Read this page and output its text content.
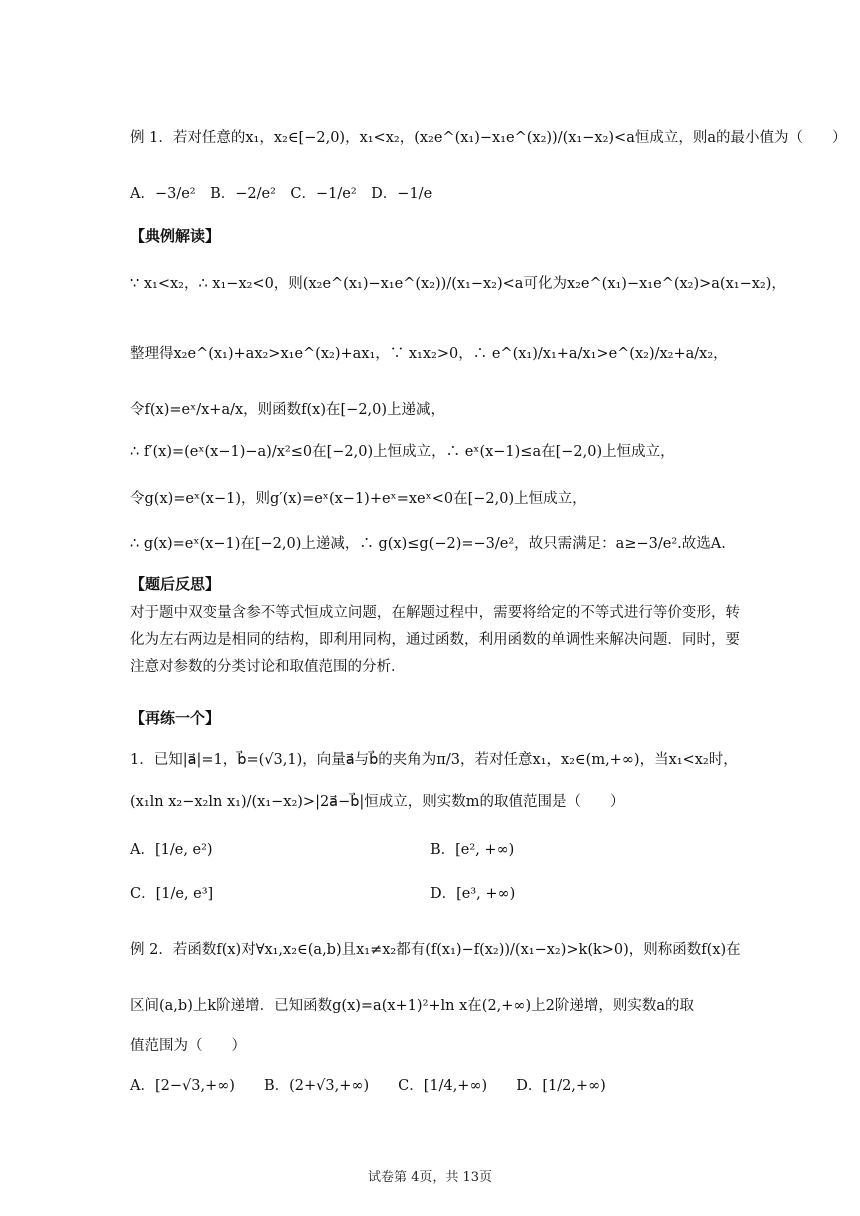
例 1．若对任意的x₁，x₂∈[−2,0)，x₁<x₂，(x₂e^(x₁)−x₁e^(x₂))/(x₁−x₂)<a恒成立，则a的最小值为（　　）
A．−3/e²　B．−2/e²　C．−1/e²　D．−1/e
【典例解读】
∵ x₁<x₂，∴ x₁−x₂<0，则(x₂e^(x₁)−x₁e^(x₂))/(x₁−x₂)<a可化为x₂e^(x₁)−x₁e^(x₂)>a(x₁−x₂)，
整理得x₂e^(x₁)+ax₂>x₁e^(x₂)+ax₁，∵ x₁x₂>0，∴ e^(x₁)/x₁+a/x₁>e^(x₂)/x₂+a/x₂，
令f(x)=eˣ/x+a/x，则函数f(x)在[−2,0)上递减，
∴ f′(x)=(eˣ(x−1)−a)/x²≤0在[−2,0)上恒成立，∴ eˣ(x−1)≤a在[−2,0)上恒成立，
令g(x)=eˣ(x−1)，则g′(x)=eˣ(x−1)+eˣ=xeˣ<0在[−2,0)上恒成立，
∴ g(x)=eˣ(x−1)在[−2,0)上递减，∴ g(x)≤g(−2)=−3/e²，故只需满足：a≥−3/e².故选A.
【题后反思】
对于题中双变量含参不等式恒成立问题，在解题过程中，需要将给定的不等式进行等价变形，转化为左右两边是相同的结构，即利用同构，通过函数，利用函数的单调性来解决问题．同时，要注意对参数的分类讨论和取值范围的分析．
【再练一个】
1．已知|a⃗|=1，b⃗=(√3,1)，向量a⃗与b⃗的夹角为π/3，若对任意x₁，x₂∈(m,+∞)，当x₁<x₂时，
(x₁ln x₂−x₂ln x₁)/(x₁−x₂)>|2a⃗−b⃗|恒成立，则实数m的取值范围是（　　）
A．[1/e, e²)	B．[e², +∞)
C．[1/e, e³]	D．[e³, +∞)
例 2．若函数f(x)对∀x₁,x₂∈(a,b)且x₁≠x₂都有(f(x₁)−f(x₂))/(x₁−x₂)>k(k>0)，则称函数f(x)在
区间(a,b)上k阶递增．已知函数g(x)=a(x+1)²+ln x在(2,+∞)上2阶递增，则实数a的取
值范围为（　　）
A．[2−√3,+∞)　　B．(2+√3,+∞)　　C．[1/4,+∞)　　D．[1/2,+∞)
试卷第 4页，共 13页
